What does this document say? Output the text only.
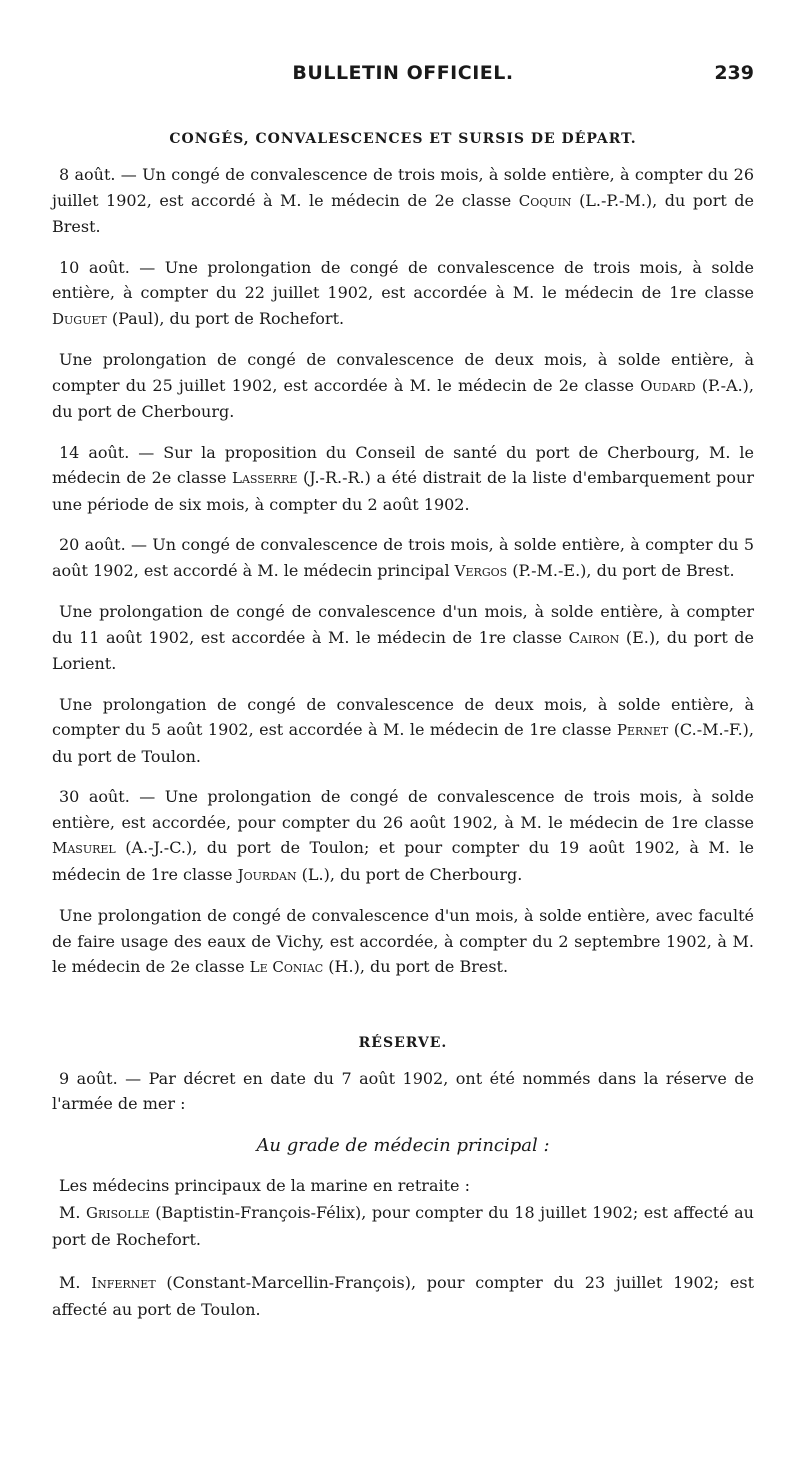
BULLETIN OFFICIEL.	239
CONGÉS, CONVALESCENCES ET SURSIS DE DÉPART.

8 août. — Un congé de convalescence de trois mois, à solde entière, à compter du 26 juillet 1902, est accordé à M. le médecin de 2e classe Coquin (L.-P.-M.), du port de Brest.

10 août. — Une prolongation de congé de convalescence de trois mois, à solde entière, à compter du 22 juillet 1902, est accordée à M. le médecin de 1re classe Duguet (Paul), du port de Rochefort.

Une prolongation de congé de convalescence de deux mois, à solde entière, à compter du 25 juillet 1902, est accordée à M. le médecin de 2e classe Oudard (P.-A.), du port de Cherbourg.

14 août. — Sur la proposition du Conseil de santé du port de Cherbourg, M. le médecin de 2e classe Lasserre (J.-R.-R.) a été distrait de la liste d'embarquement pour une période de six mois, à compter du 2 août 1902.

20 août. — Un congé de convalescence de trois mois, à solde entière, à compter du 5 août 1902, est accordé à M. le médecin principal Vergos (P.-M.-E.), du port de Brest.

Une prolongation de congé de convalescence d'un mois, à solde entière, à compter du 11 août 1902, est accordée à M. le médecin de 1re classe Cairon (E.), du port de Lorient.

Une prolongation de congé de convalescence de deux mois, à solde entière, à compter du 5 août 1902, est accordée à M. le médecin de 1re classe Pernet (C.-M.-F.), du port de Toulon.

30 août. — Une prolongation de congé de convalescence de trois mois, à solde entière, est accordée, pour compter du 26 août 1902, à M. le médecin de 1re classe Masurel (A.-J.-C.), du port de Toulon; et pour compter du 19 août 1902, à M. le médecin de 1re classe Jourdan (L.), du port de Cherbourg.

Une prolongation de congé de convalescence d'un mois, à solde entière, avec faculté de faire usage des eaux de Vichy, est accordée, à compter du 2 septembre 1902, à M. le médecin de 2e classe Le Coniac (H.), du port de Brest.

RÉSERVE.

9 août. — Par décret en date du 7 août 1902, ont été nommés dans la réserve de l'armée de mer :

Au grade de médecin principal :

Les médecins principaux de la marine en retraite :

M. Grisolle (Baptistin-François-Félix), pour compter du 18 juillet 1902; est affecté au port de Rochefort.

M. Infernet (Constant-Marcellin-François), pour compter du 23 juillet 1902; est affecté au port de Toulon.
